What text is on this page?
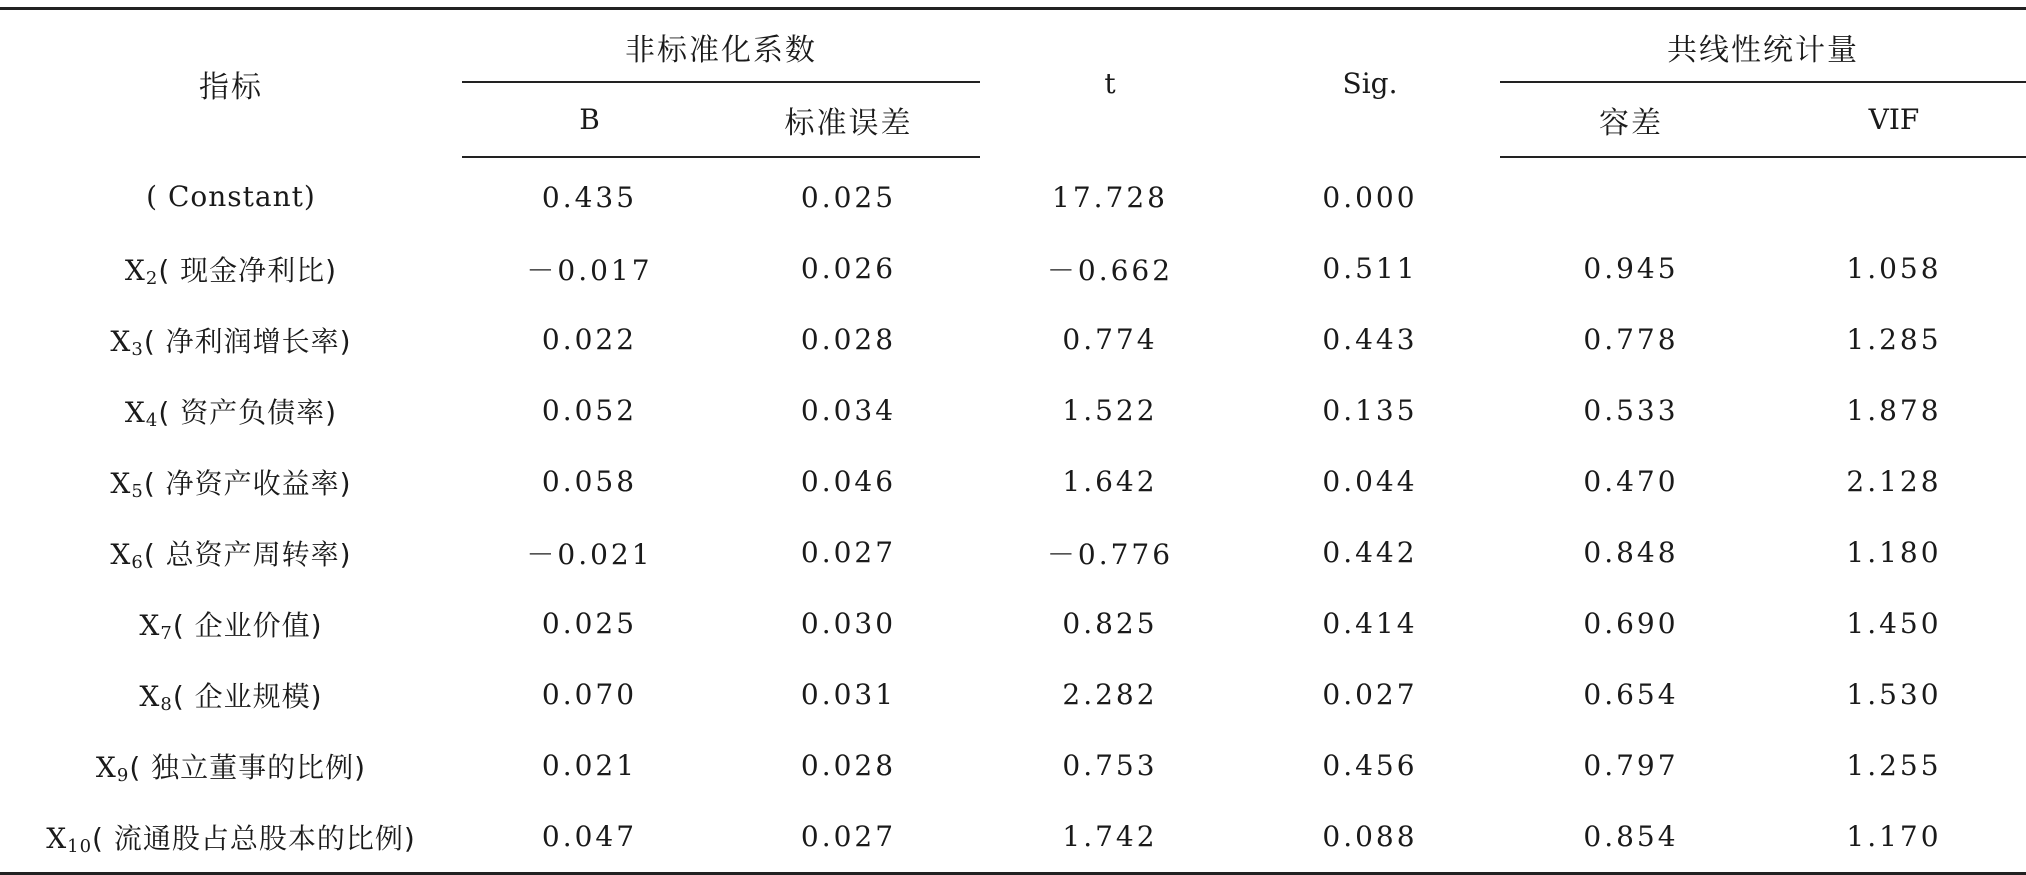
指标	非标准化系数		t	Sig.	共线性统计量	

	B	标准误差			容差	VIF
( Constant)	0.435	0.025	17.728	0.000		
$X_2$( 现金净利比)	－0.017	0.026	－0.662	0.511	0.945	1.058
$X_3$( 净利润增长率)	0.022	0.028	0.774	0.443	0.778	1.285
$X_4$( 资产负债率)	0.052	0.034	1.522	0.135	0.533	1.878
$X_5$( 净资产收益率)	0.058	0.046	1.642	0.044	0.470	2.128
$X_6$( 总资产周转率)	－0.021	0.027	－0.776	0.442	0.848	1.180
$X_7$( 企业价值)	0.025	0.030	0.825	0.414	0.690	1.450
$X_8$( 企业规模)	0.070	0.031	2.282	0.027	0.654	1.530
$X_9$( 独立董事的比例)	0.021	0.028	0.753	0.456	0.797	1.255
$X_{10}$( 流通股占总股本的比例)	0.047	0.027	1.742	0.088	0.854	1.170
